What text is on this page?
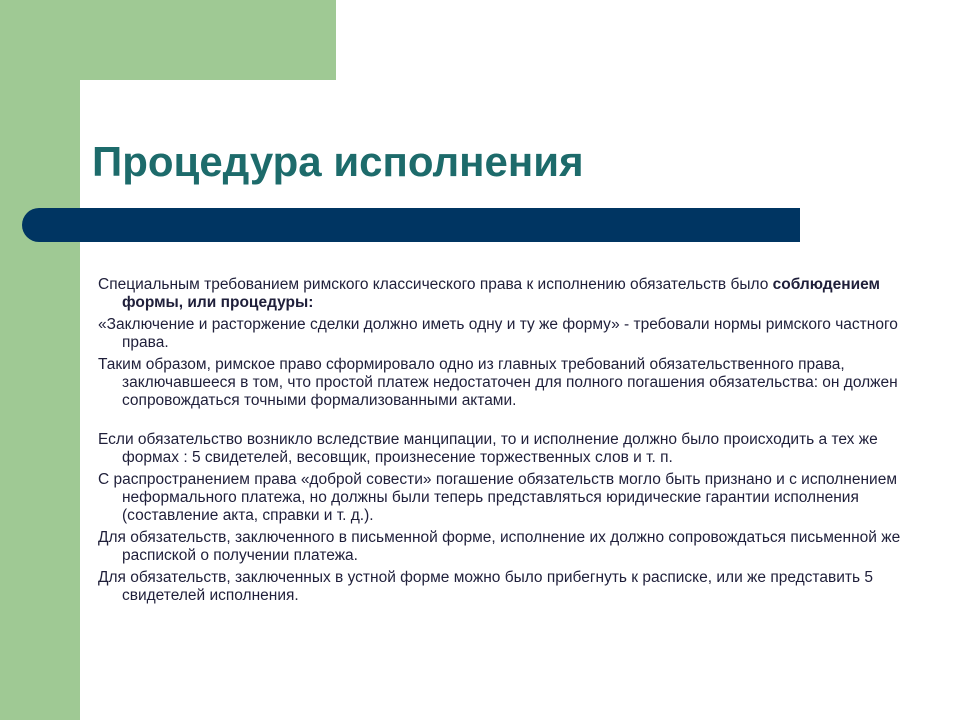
Процедура исполнения

Специальным требованием римского классического права к исполнению обязательств было соблюдением формы, или процедуры:

«Заключение и расторжение сделки должно иметь одну и ту же форму» - требовали нормы римского частного права.

Таким образом, римское право сформировало одно из главных требований обязательственного права, заключавшееся в том, что простой платеж недостаточен для полного погашения обязательства: он должен сопровождаться точными формализованными актами.

Если обязательство возникло вследствие манципации, то и исполнение должно было происходить а тех же формах : 5 свидетелей, весовщик, произнесение торжественных слов и т. п.

С распространением права «доброй совести» погашение обязательств могло быть признано и с исполнением неформального платежа, но должны были теперь представляться юридические гарантии исполнения (составление акта, справки и т. д.).

Для обязательств, заключенного в письменной форме, исполнение их должно сопровождаться письменной же распиской о получении платежа.

Для обязательств, заключенных в устной форме можно было прибегнуть к расписке, или же представить 5 свидетелей исполнения.
